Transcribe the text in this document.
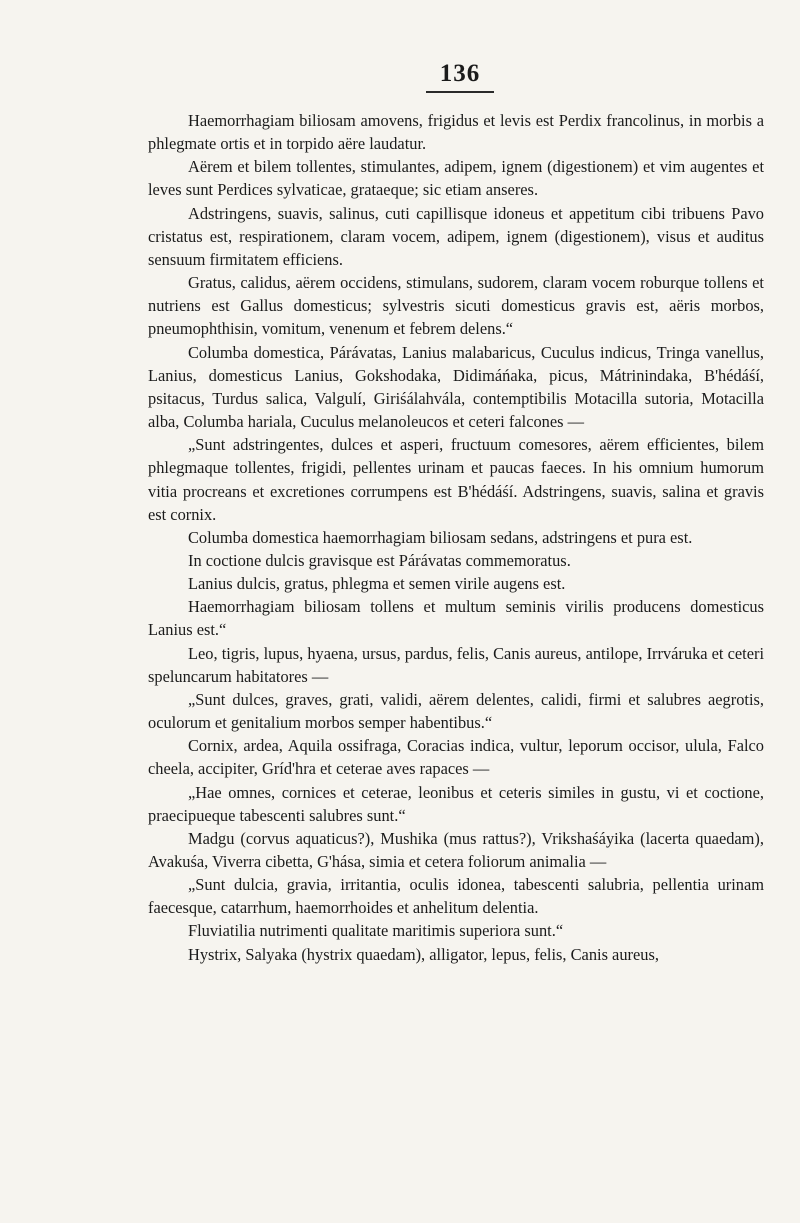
136

Haemorrhagiam biliosam amovens, frigidus et levis est Perdix francolinus, in morbis a phlegmate ortis et in torpido aëre laudatur.

Aërem et bilem tollentes, stimulantes, adipem, ignem (digestionem) et vim augentes et leves sunt Perdices sylvaticae, grataeque; sic etiam anseres.

Adstringens, suavis, salinus, cuti capillisque idoneus et appetitum cibi tribuens Pavo cristatus est, respirationem, claram vocem, adipem, ignem (digestionem), visus et auditus sensuum firmitatem efficiens.

Gratus, calidus, aërem occidens, stimulans, sudorem, claram vocem roburque tollens et nutriens est Gallus domesticus; sylvestris sicuti domesticus gravis est, aëris morbos, pneumophthisin, vomitum, venenum et febrem delens.“

Columba domestica, Párávatas, Lanius malabaricus, Cuculus indicus, Tringa vanellus, Lanius, domesticus Lanius, Gokshodaka, Didimáńaka, picus, Mátrinindaka, B'hédáśí, psitacus, Turdus salica, Valgulí, Giriśálahvála, contemptibilis Motacilla sutoria, Motacilla alba, Columba hariala, Cuculus melanoleucos et ceteri falcones —

„Sunt adstringentes, dulces et asperi, fructuum comesores, aërem efficientes, bilem phlegmaque tollentes, frigidi, pellentes urinam et paucas faeces. In his omnium humorum vitia procreans et excretiones corrumpens est B'hédáśí. Adstringens, suavis, salina et gravis est cornix.

Columba domestica haemorrhagiam biliosam sedans, adstringens et pura est.

In coctione dulcis gravisque est Párávatas commemoratus.

Lanius dulcis, gratus, phlegma et semen virile augens est.

Haemorrhagiam biliosam tollens et multum seminis virilis producens domesticus Lanius est.“

Leo, tigris, lupus, hyaena, ursus, pardus, felis, Canis aureus, antilope, Irrváruka et ceteri speluncarum habitatores —

„Sunt dulces, graves, grati, validi, aërem delentes, calidi, firmi et salubres aegrotis, oculorum et genitalium morbos semper habentibus.“

Cornix, ardea, Aquila ossifraga, Coracias indica, vultur, leporum occisor, ulula, Falco cheela, accipiter, Gríd'hra et ceterae aves rapaces —

„Hae omnes, cornices et ceterae, leonibus et ceteris similes in gustu, vi et coctione, praecipueque tabescenti salubres sunt.“

Madgu (corvus aquaticus?), Mushika (mus rattus?), Vrikshaśáyika (lacerta quaedam), Avakuśa, Viverra cibetta, G'hása, simia et cetera foliorum animalia —

„Sunt dulcia, gravia, irritantia, oculis idonea, tabescenti salubria, pellentia urinam faecesque, catarrhum, haemorrhoides et anhelitum delentia.

Fluviatilia nutrimenti qualitate maritimis superiora sunt.“

Hystrix, Salyaka (hystrix quaedam), alligator, lepus, felis, Canis aureus,
